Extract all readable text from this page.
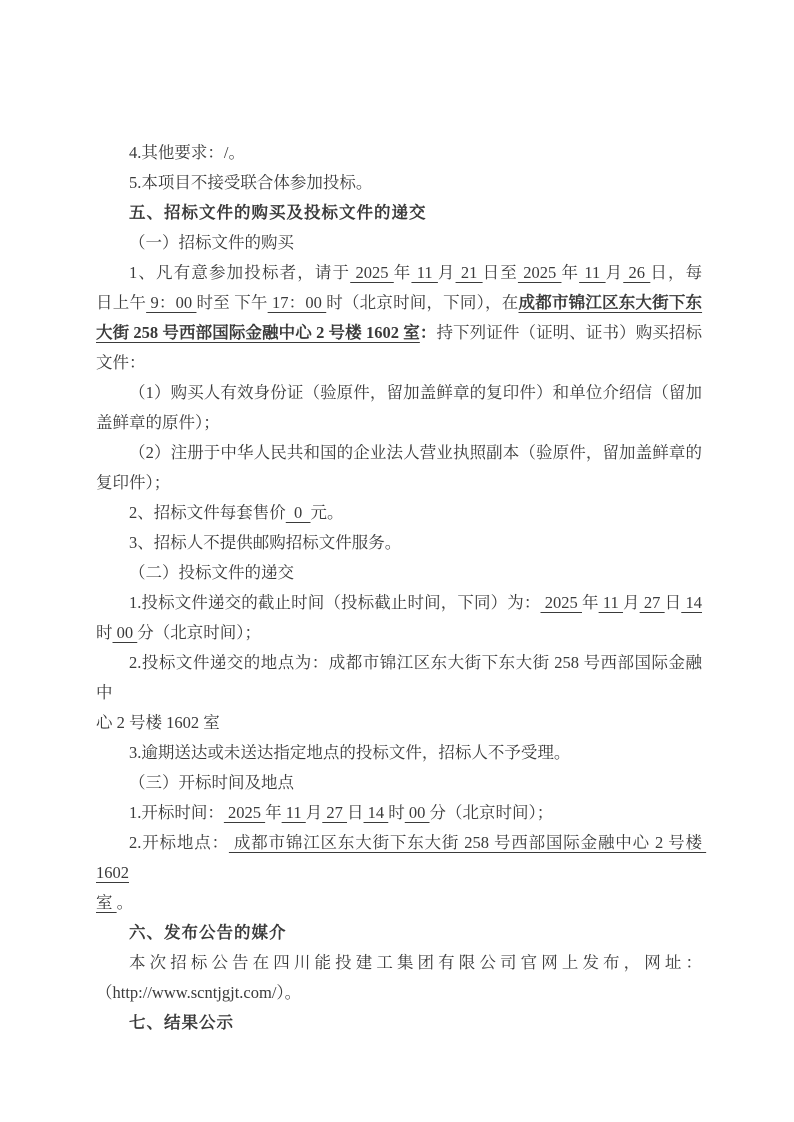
4.其他要求：/。
5.本项目不接受联合体参加投标。
五、招标文件的购买及投标文件的递交
（一）招标文件的购买
1、凡有意参加投标者，请于 2025 年 11 月 21 日至 2025 年 11 月 26 日，每
日上午 9：00 时至 下午 17：00 时（北京时间，下同），在成都市锦江区东大街下东
大街 258 号西部国际金融中心 2 号楼 1602 室：持下列证件（证明、证书）购买招标
文件：
（1）购买人有效身份证（验原件，留加盖鲜章的复印件）和单位介绍信（留加
盖鲜章的原件）；
（2）注册于中华人民共和国的企业法人营业执照副本（验原件，留加盖鲜章的
复印件）；
2、招标文件每套售价  0  元。
3、招标人不提供邮购招标文件服务。
（二）投标文件的递交
1.投标文件递交的截止时间（投标截止时间，下同）为： 2025 年 11 月 27 日 14
时 00 分（北京时间）；
2.投标文件递交的地点为：成都市锦江区东大街下东大街 258 号西部国际金融中
心 2 号楼 1602 室
3.逾期送达或未送达指定地点的投标文件，招标人不予受理。
（三）开标时间及地点
1.开标时间： 2025 年 11 月 27 日 14 时 00 分（北京时间）；
2.开标地点： 成都市锦江区东大街下东大街 258 号西部国际金融中心 2 号楼 1602
室 。
六、发布公告的媒介
本次招标公告在四川能投建工集团有限公司官网上发布，网址：
（http://www.scntjgjt.com/）。
七、结果公示
